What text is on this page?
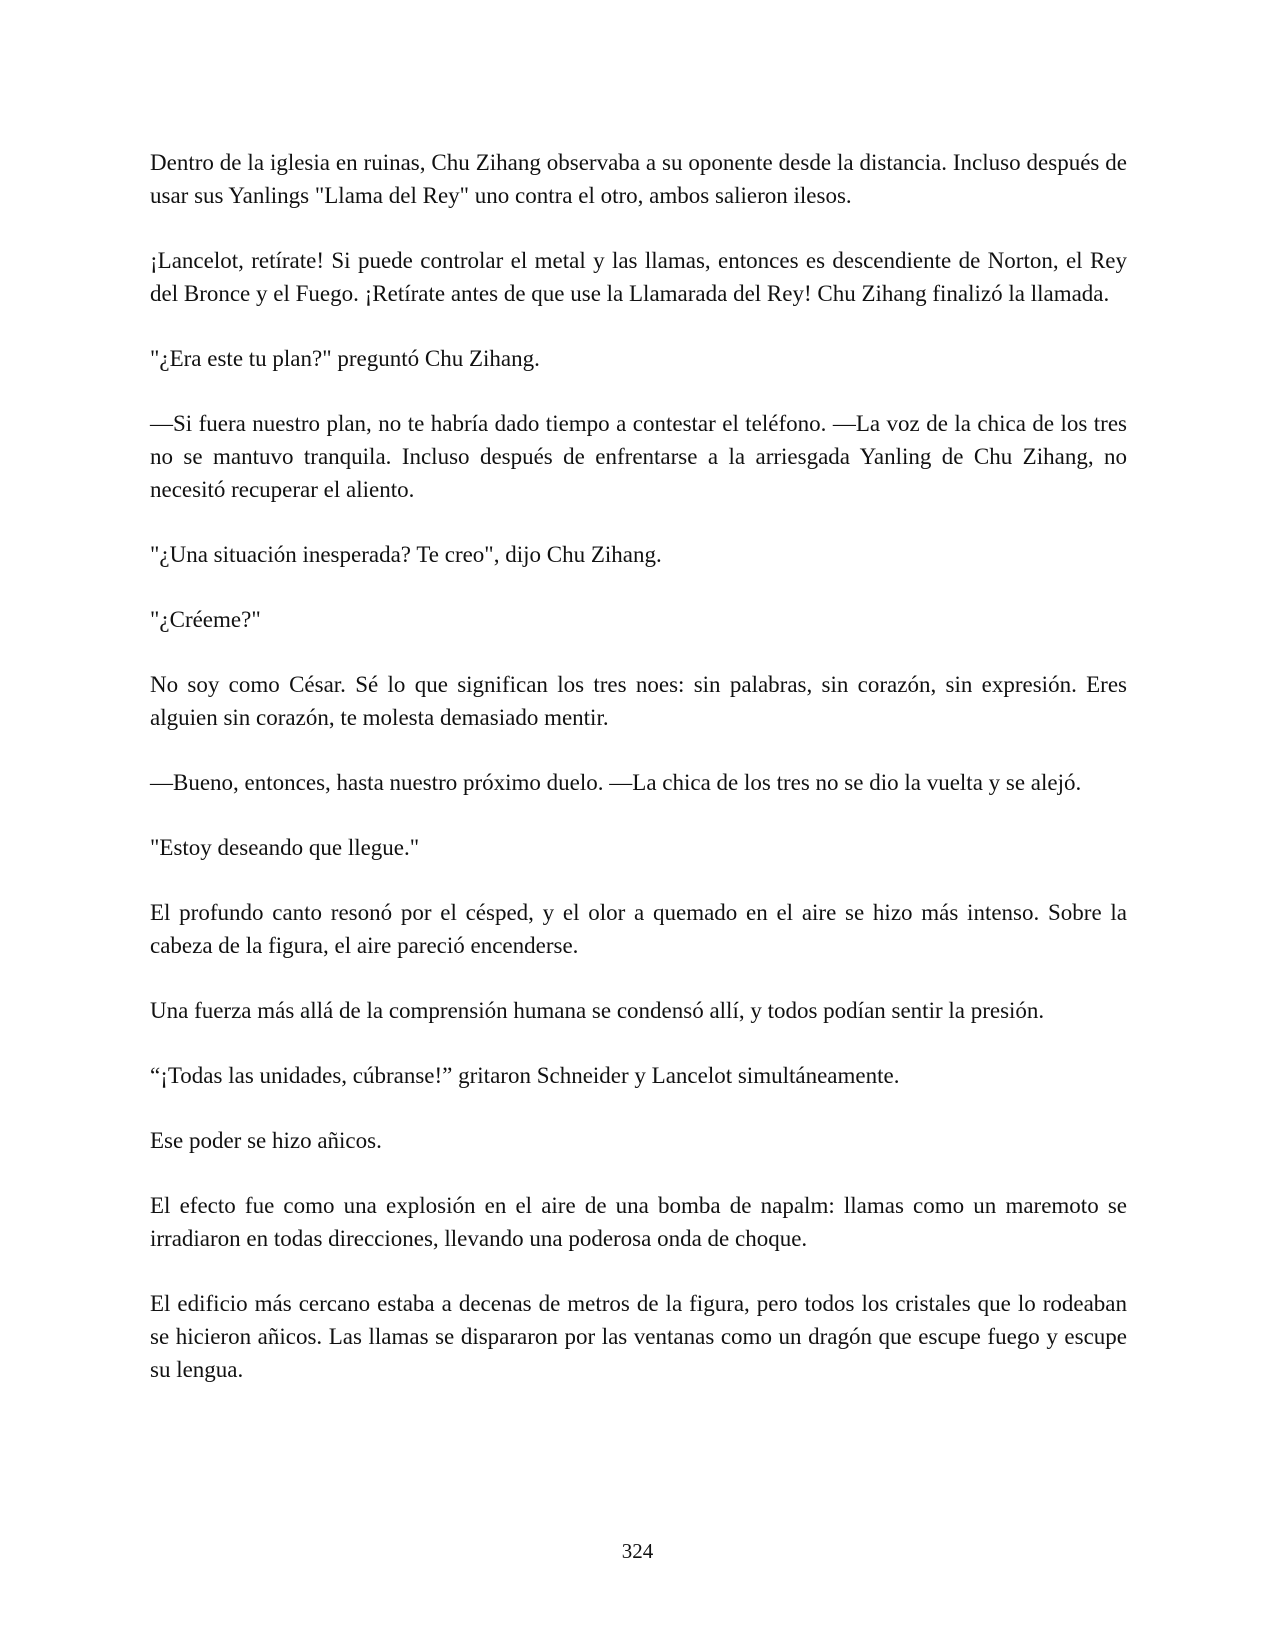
Dentro de la iglesia en ruinas, Chu Zihang observaba a su oponente desde la distancia. Incluso después de usar sus Yanlings "Llama del Rey" uno contra el otro, ambos salieron ilesos.

¡Lancelot, retírate! Si puede controlar el metal y las llamas, entonces es descendiente de Norton, el Rey del Bronce y el Fuego. ¡Retírate antes de que use la Llamarada del Rey! Chu Zihang finalizó la llamada.

"¿Era este tu plan?" preguntó Chu Zihang.

—Si fuera nuestro plan, no te habría dado tiempo a contestar el teléfono. —La voz de la chica de los tres no se mantuvo tranquila. Incluso después de enfrentarse a la arriesgada Yanling de Chu Zihang, no necesitó recuperar el aliento.

"¿Una situación inesperada? Te creo", dijo Chu Zihang.

"¿Créeme?"

No soy como César. Sé lo que significan los tres noes: sin palabras, sin corazón, sin expresión. Eres alguien sin corazón, te molesta demasiado mentir.

—Bueno, entonces, hasta nuestro próximo duelo. —La chica de los tres no se dio la vuelta y se alejó.

"Estoy deseando que llegue."

El profundo canto resonó por el césped, y el olor a quemado en el aire se hizo más intenso. Sobre la cabeza de la figura, el aire pareció encenderse.

Una fuerza más allá de la comprensión humana se condensó allí, y todos podían sentir la presión.

“¡Todas las unidades, cúbranse!” gritaron Schneider y Lancelot simultáneamente.

Ese poder se hizo añicos.

El efecto fue como una explosión en el aire de una bomba de napalm: llamas como un maremoto se irradiaron en todas direcciones, llevando una poderosa onda de choque.

El edificio más cercano estaba a decenas de metros de la figura, pero todos los cristales que lo rodeaban se hicieron añicos. Las llamas se dispararon por las ventanas como un dragón que escupe fuego y escupe su lengua.

324
